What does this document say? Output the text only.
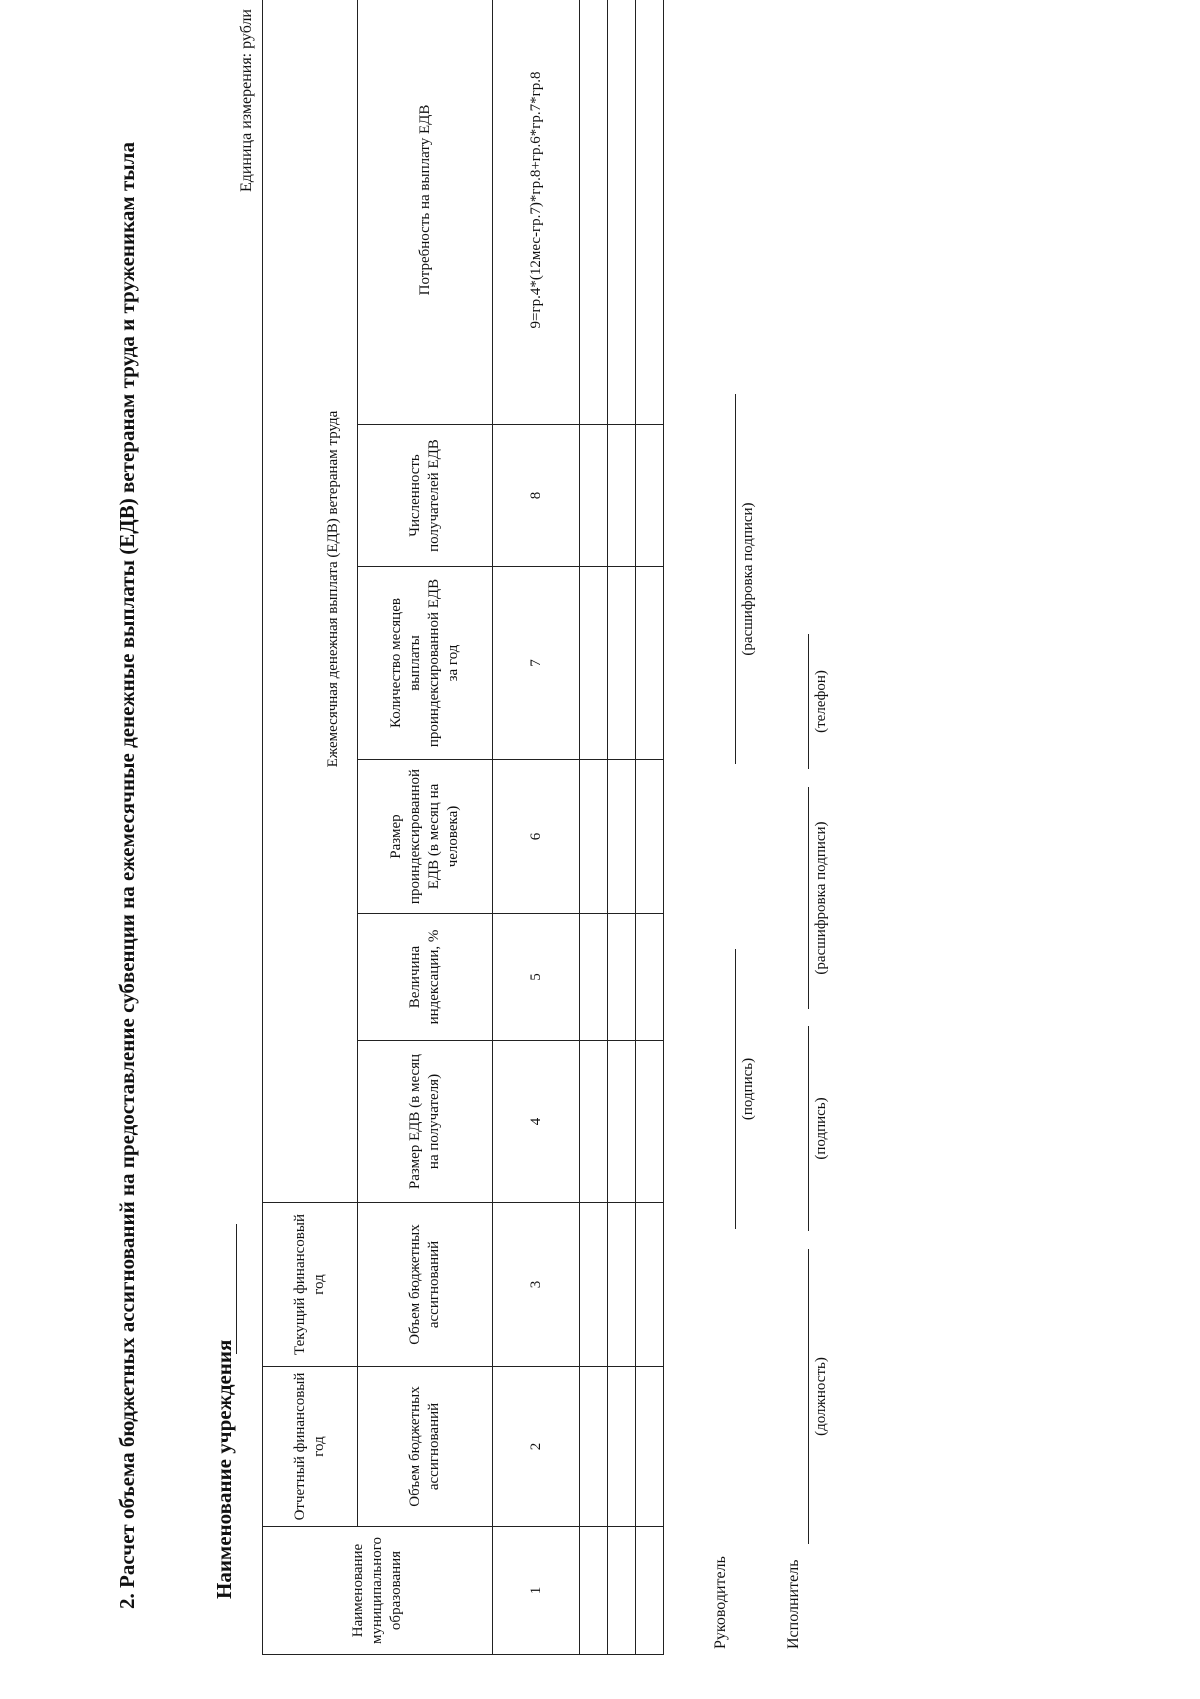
2. Расчет объема бюджетных ассигнований на предоставление субвенции на ежемесячные денежные выплаты (ЕДВ) ветеранам труда и труженикам тыла	Наименование учреждения
Единица измерения: рубли
Наименование муниципального образования	Отчетный финансовый год	Текущий финансовый год						
			Ежемесячная денежная выплата (ЕДВ) ветеранам труда					
	Объем бюджетных ассигнований	Объем бюджетных ассигнований	Размер ЕДВ (в месяц на получателя)	Величина индексации, %	Размер проиндексированной ЕДВ (в месяц на человека)	Количество месяцев выплаты проиндексированной ЕДВ за год	Численность получателей ЕДВ	Потребность на выплату ЕДВ
1	2	3	4	5	6	7	8	9=гр.4*(12мес-гр.7)*гр.8+гр.6*гр.7*гр.8

Руководитель
(подпись)
(расшифровка подписи)
Исполнитель
(должность)
(подпись)
(расшифровка подписи)
(телефон)
